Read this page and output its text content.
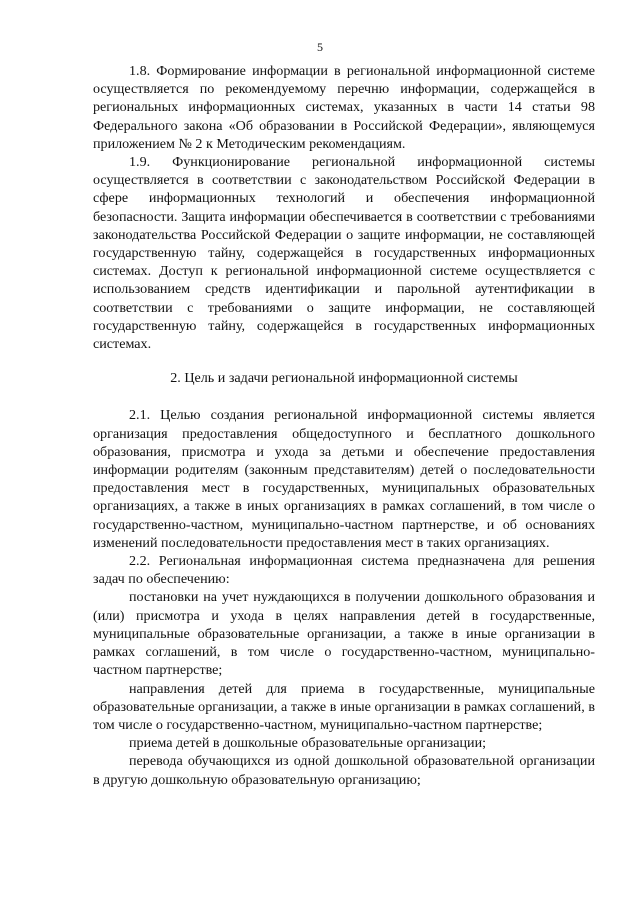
5

1.8. Формирование информации в региональной информационной системе осуществляется по рекомендуемому перечню информации, содержащейся в региональных информационных системах, указанных в части 14 статьи 98 Федерального закона «Об образовании в Российской Федерации», являющемуся приложением № 2 к Методическим рекомендациям.

1.9. Функционирование региональной информационной системы осуществляется в соответствии с законодательством Российской Федерации в сфере информационных технологий и обеспечения информационной безопасности. Защита информации обеспечивается в соответствии с требованиями законодательства Российской Федерации о защите информации, не составляющей государственную тайну, содержащейся в государственных информационных системах. Доступ к региональной информационной системе осуществляется с использованием средств идентификации и парольной аутентификации в соответствии с требованиями о защите информации, не составляющей государственную тайну, содержащейся в государственных информационных системах.

2. Цель и задачи региональной информационной системы

2.1. Целью создания региональной информационной системы является организация предоставления общедоступного и бесплатного дошкольного образования, присмотра и ухода за детьми и обеспечение предоставления информации родителям (законным представителям) детей о последовательности предоставления мест в государственных, муниципальных образовательных организациях, а также в иных организациях в рамках соглашений, в том числе о государственно-частном, муниципально-частном партнерстве, и об основаниях изменений последовательности предоставления мест в таких организациях.

2.2. Региональная информационная система предназначена для решения задач по обеспечению:

постановки на учет нуждающихся в получении дошкольного образования и (или) присмотра и ухода в целях направления детей в государственные, муниципальные образовательные организации, а также в иные организации в рамках соглашений, в том числе о государственно-частном, муниципально-частном партнерстве;

направления детей для приема в государственные, муниципальные образовательные организации, а также в иные организации в рамках соглашений, в том числе о государственно-частном, муниципально-частном партнерстве;

приема детей в дошкольные образовательные организации;

перевода обучающихся из одной дошкольной образовательной организации в другую дошкольную образовательную организацию;
